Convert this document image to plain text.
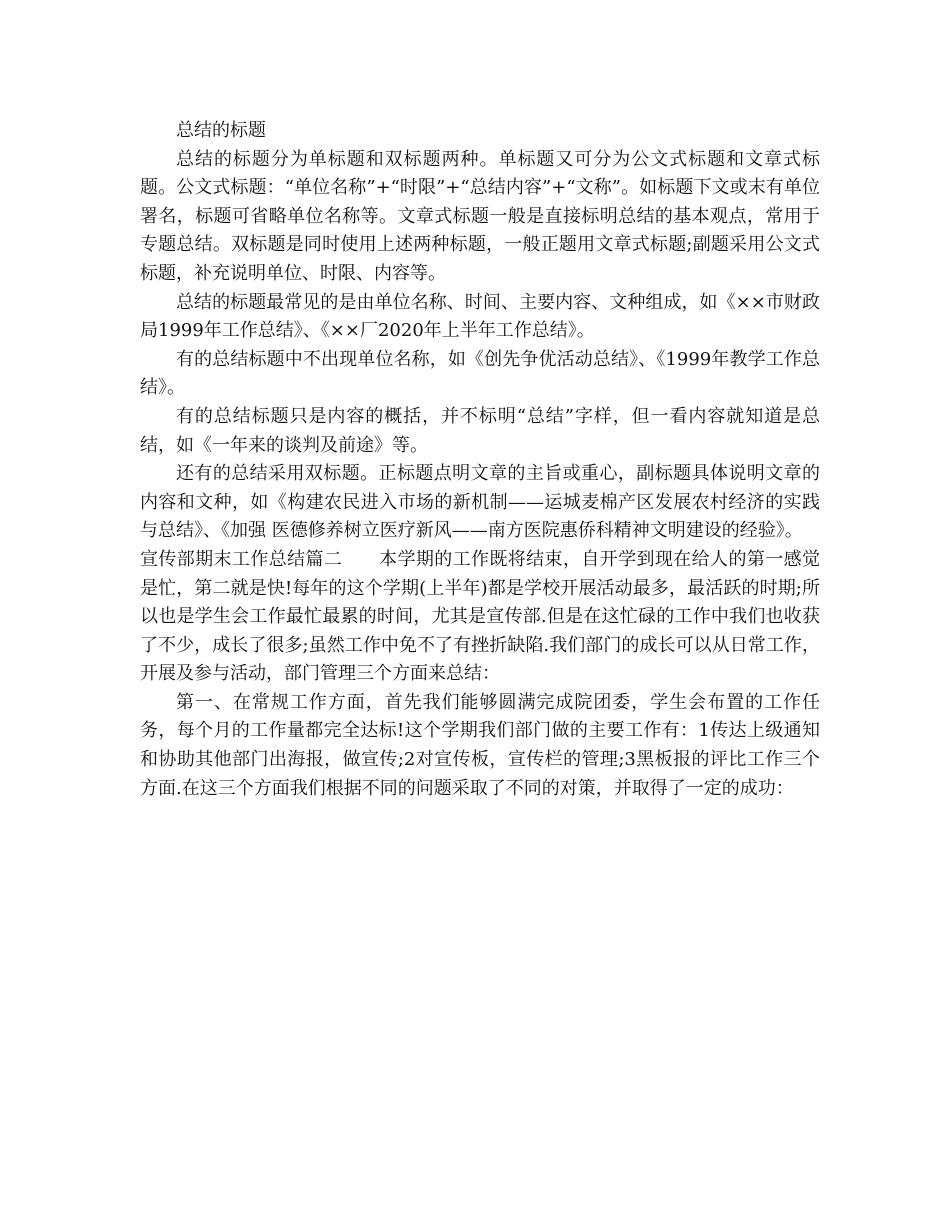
总结的标题

总结的标题分为单标题和双标题两种。单标题又可分为公文式标题和文章式标题。公文式标题：“单位名称”+“时限”+“总结内容”+“文称”。如标题下文或末有单位署名，标题可省略单位名称等。文章式标题一般是直接标明总结的基本观点，常用于专题总结。双标题是同时使用上述两种标题，一般正题用文章式标题;副题采用公文式标题，补充说明单位、时限、内容等。

总结的标题最常见的是由单位名称、时间、主要内容、文种组成，如《××市财政局1999年工作总结》、《××厂2020年上半年工作总结》。

有的总结标题中不出现单位名称，如《创先争优活动总结》、《1999年教学工作总结》。

有的总结标题只是内容的概括，并不标明“总结”字样，但一看内容就知道是总结，如《一年来的谈判及前途》等。

还有的总结采用双标题。正标题点明文章的主旨或重心，副标题具体说明文章的内容和文种，如《构建农民进入市场的新机制——运城麦棉产区发展农村经济的实践与总结》、《加强 医德修养树立医疗新风——南方医院惠侨科精神文明建设的经验》。

宣传部期末工作总结篇二　　本学期的工作既将结束，自开学到现在给人的第一感觉是忙，第二就是快!每年的这个学期(上半年)都是学校开展活动最多，最活跃的时期;所以也是学生会工作最忙最累的时间，尤其是宣传部.但是在这忙碌的工作中我们也收获了不少，成长了很多;虽然工作中免不了有挫折缺陷.我们部门的成长可以从日常工作，开展及参与活动，部门管理三个方面来总结：

第一、在常规工作方面，首先我们能够圆满完成院团委，学生会布置的工作任务，每个月的工作量都完全达标!这个学期我们部门做的主要工作有：1传达上级通知和协助其他部门出海报，做宣传;2对宣传板，宣传栏的管理;3黑板报的评比工作三个方面.在这三个方面我们根据不同的问题采取了不同的对策，并取得了一定的成功：
